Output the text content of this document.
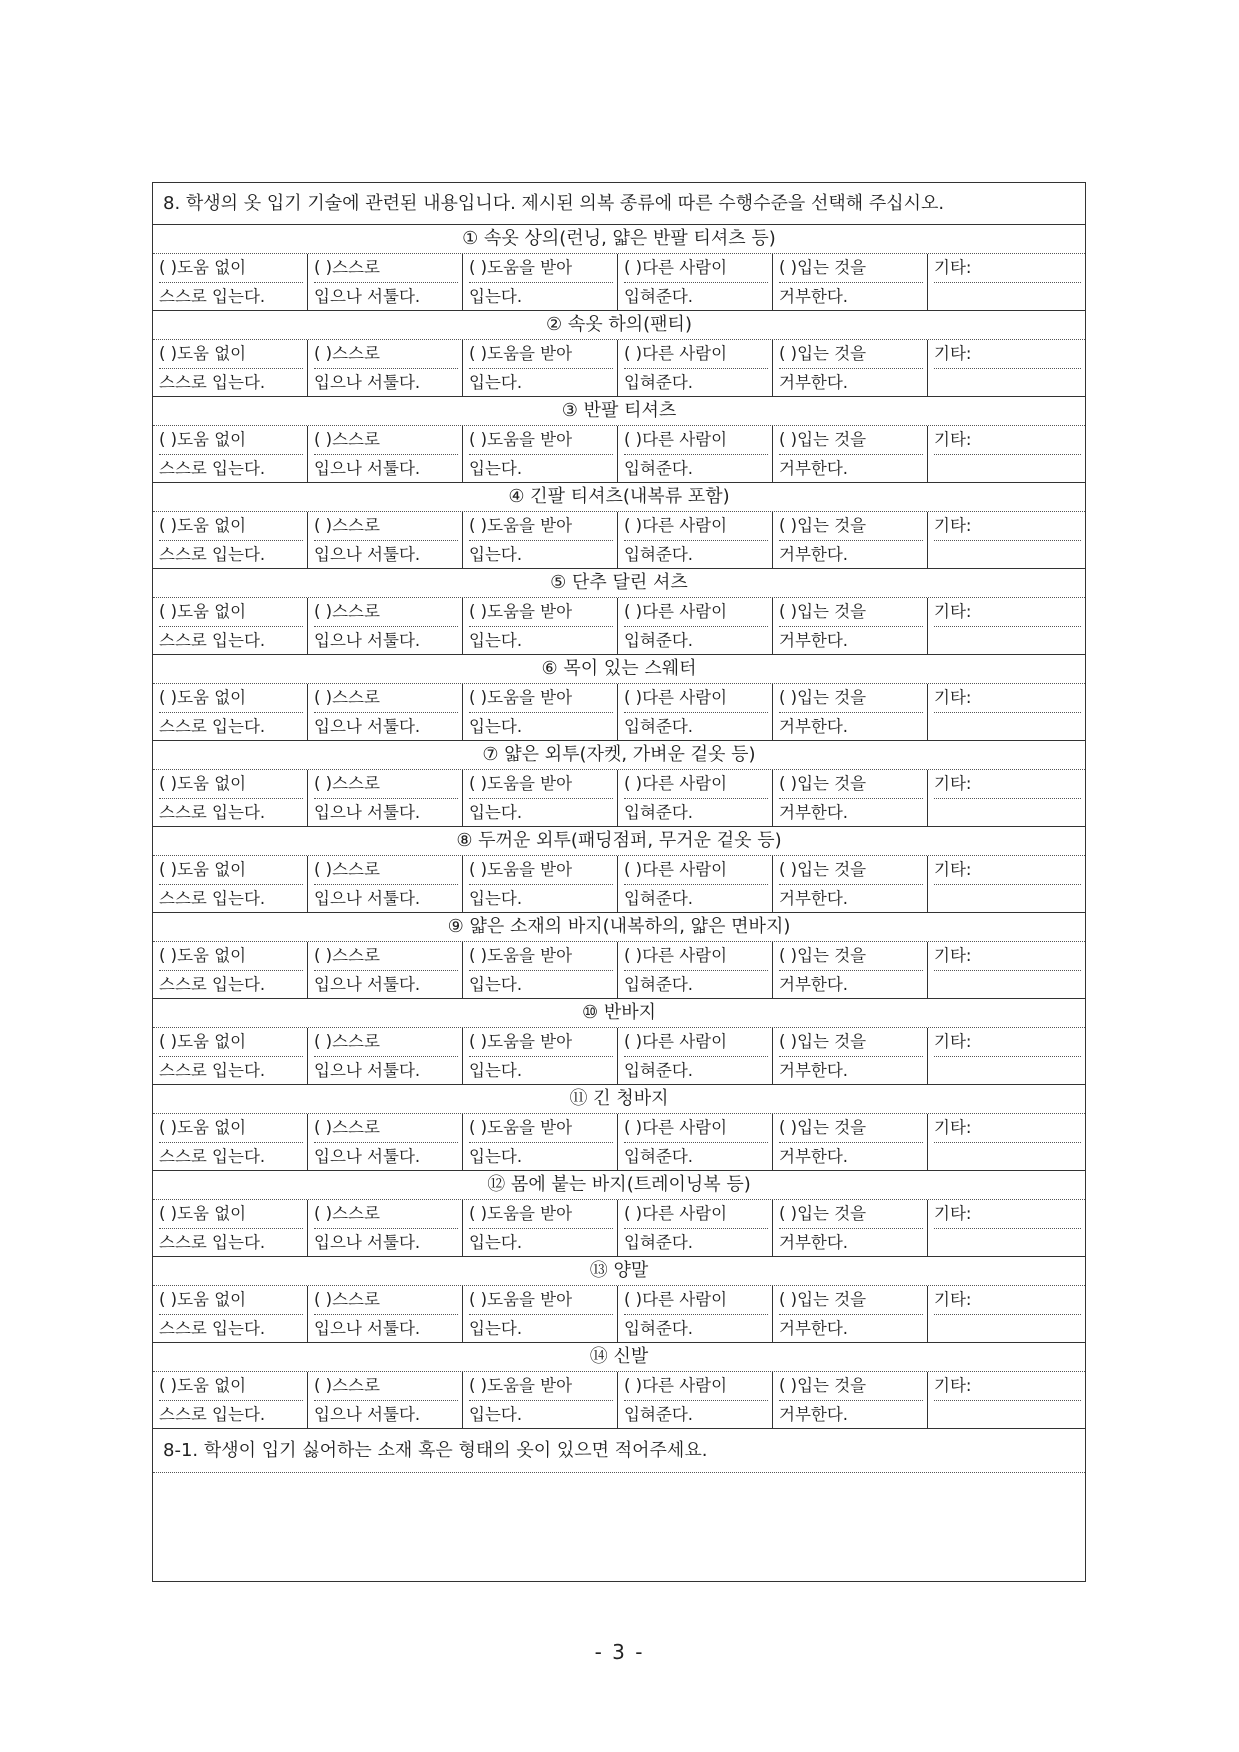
8. 학생의 옷 입기 기술에 관련된 내용입니다. 제시된 의복 종류에 따른 수행수준을 선택해 주십시오.
① 속옷 상의(런닝, 얇은 반팔 티셔츠 등)
( )도움 없이
스스로 입는다.
( )스스로
입으나 서툴다.
( )도움을 받아
입는다.
( )다른 사람이
입혀준다.
( )입는 것을
거부한다.
기타:
② 속옷 하의(팬티)
( )도움 없이
스스로 입는다.
( )스스로
입으나 서툴다.
( )도움을 받아
입는다.
( )다른 사람이
입혀준다.
( )입는 것을
거부한다.
기타:
③ 반팔 티셔츠
( )도움 없이
스스로 입는다.
( )스스로
입으나 서툴다.
( )도움을 받아
입는다.
( )다른 사람이
입혀준다.
( )입는 것을
거부한다.
기타:
④ 긴팔 티셔츠(내복류 포함)
( )도움 없이
스스로 입는다.
( )스스로
입으나 서툴다.
( )도움을 받아
입는다.
( )다른 사람이
입혀준다.
( )입는 것을
거부한다.
기타:
⑤ 단추 달린 셔츠
( )도움 없이
스스로 입는다.
( )스스로
입으나 서툴다.
( )도움을 받아
입는다.
( )다른 사람이
입혀준다.
( )입는 것을
거부한다.
기타:
⑥ 목이 있는 스웨터
( )도움 없이
스스로 입는다.
( )스스로
입으나 서툴다.
( )도움을 받아
입는다.
( )다른 사람이
입혀준다.
( )입는 것을
거부한다.
기타:
⑦ 얇은 외투(자켓, 가벼운 겉옷 등)
( )도움 없이
스스로 입는다.
( )스스로
입으나 서툴다.
( )도움을 받아
입는다.
( )다른 사람이
입혀준다.
( )입는 것을
거부한다.
기타:
⑧ 두꺼운 외투(패딩점퍼, 무거운 겉옷 등)
( )도움 없이
스스로 입는다.
( )스스로
입으나 서툴다.
( )도움을 받아
입는다.
( )다른 사람이
입혀준다.
( )입는 것을
거부한다.
기타:
⑨ 얇은 소재의 바지(내복하의, 얇은 면바지)
( )도움 없이
스스로 입는다.
( )스스로
입으나 서툴다.
( )도움을 받아
입는다.
( )다른 사람이
입혀준다.
( )입는 것을
거부한다.
기타:
⑩ 반바지
( )도움 없이
스스로 입는다.
( )스스로
입으나 서툴다.
( )도움을 받아
입는다.
( )다른 사람이
입혀준다.
( )입는 것을
거부한다.
기타:
⑪ 긴 청바지
( )도움 없이
스스로 입는다.
( )스스로
입으나 서툴다.
( )도움을 받아
입는다.
( )다른 사람이
입혀준다.
( )입는 것을
거부한다.
기타:
⑫ 몸에 붙는 바지(트레이닝복 등)
( )도움 없이
스스로 입는다.
( )스스로
입으나 서툴다.
( )도움을 받아
입는다.
( )다른 사람이
입혀준다.
( )입는 것을
거부한다.
기타:
⑬ 양말
( )도움 없이
스스로 입는다.
( )스스로
입으나 서툴다.
( )도움을 받아
입는다.
( )다른 사람이
입혀준다.
( )입는 것을
거부한다.
기타:
⑭ 신발
( )도움 없이
스스로 입는다.
( )스스로
입으나 서툴다.
( )도움을 받아
입는다.
( )다른 사람이
입혀준다.
( )입는 것을
거부한다.
기타:
8-1. 학생이 입기 싫어하는 소재 혹은 형태의 옷이 있으면 적어주세요.
- 3 -
